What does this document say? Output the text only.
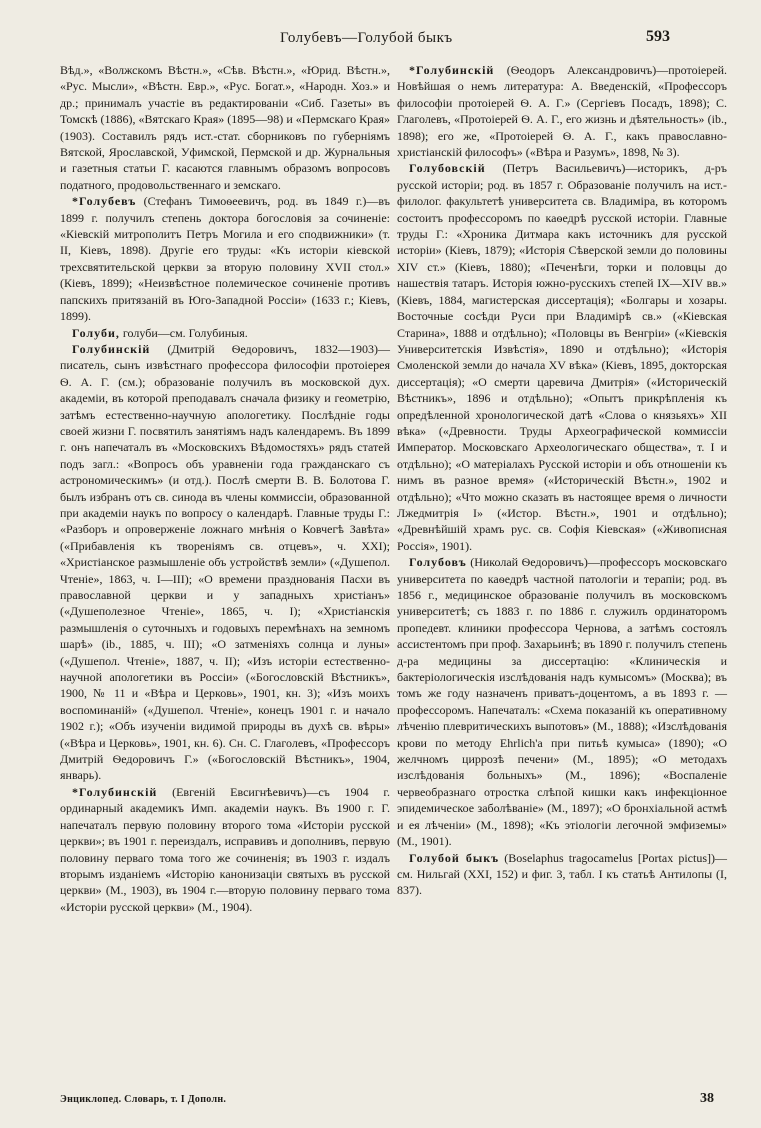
Голубевъ—Голубой быкъ	593

Вѣд.», «Волжскомъ Вѣстн.», «Сѣв. Вѣстн.», «Юрид. Вѣстн.», «Рус. Мысли», «Вѣстн. Евр.», «Рус. Богат.», «Народн. Хоз.» и др.; принималъ участіе въ редактированіи «Сиб. Газеты» въ Томскѣ (1886), «Вятскаго Края» (1895—98) и «Пермскаго Края» (1903). Составилъ рядъ ист.-стат. сборниковъ по губерніямъ Вятской, Ярославской, Уфимской, Пермской и др. Журнальныя и газетныя статьи Г. касаются главнымъ образомъ вопросовъ податного, продовольственнаго и земскаго.

*Голубевъ (Стефанъ Тимоѳеевичъ, род. въ 1849 г.)—въ 1899 г. получилъ степень доктора богословія за сочиненіе: «Кіевскій митрополитъ Петръ Могила и его сподвижники» (т. II, Кіевъ, 1898). Другіе его труды: «Къ исторіи кіевской трехсвятительской церкви за вторую половину XVII стол.» (Кіевъ, 1899); «Неизвѣстное полемическое сочиненіе противъ папскихъ притязаній въ Юго-Западной Россіи» (1633 г.; Кіевъ, 1899).

Голуби, голуби—см. Голубиныя.

Голубинскій (Дмитрій Ѳедоровичъ, 1832—1903)—писатель, сынъ извѣстнаго профессора философіи протоіерея Ѳ. А. Г. (см.); образованіе получилъ въ московской дух. академіи, въ которой преподавалъ сначала физику и геометрію, затѣмъ естественно-научную апологетику. Послѣдніе годы своей жизни Г. посвятилъ занятіямъ надъ календаремъ. Въ 1899 г. онъ напечаталъ въ «Московскихъ Вѣдомостяхъ» рядъ статей подъ загл.: «Вопросъ объ уравненіи года гражданскаго съ астрономическимъ» (и отд.). Послѣ смерти В. В. Болотова Г. былъ избранъ отъ св. синода въ члены коммиссіи, образованной при академіи наукъ по вопросу о календарѣ. Главные труды Г.: «Разборъ и опроверженіе ложнаго мнѣнія о Ковчегѣ Завѣта» («Прибавленія къ твореніямъ св. отцевъ», ч. XXI); «Христіанское размышленіе объ устройствѣ земли» («Душепол. Чтеніе», 1863, ч. I—III); «О времени празднованія Пасхи въ православной церкви и у западныхъ христіанъ» («Душеполезное Чтеніе», 1865, ч. I); «Христіанскія размышленія о суточныхъ и годовыхъ перемѣнахъ на земномъ шарѣ» (ib., 1885, ч. III); «О затменіяхъ солнца и луны» («Душепол. Чтеніе», 1887, ч. II); «Изъ исторіи естественно-научной апологетики въ Россіи» («Богословскій Вѣстникъ», 1900, № 11 и «Вѣра и Церковь», 1901, кн. 3); «Изъ моихъ воспоминаній» («Душепол. Чтеніе», конецъ 1901 г. и начало 1902 г.); «Объ изученіи видимой природы въ духѣ св. вѣры» («Вѣра и Церковь», 1901, кн. 6). Сн. С. Глаголевъ, «Профессоръ Дмитрій Ѳедоровичъ Г.» («Богословскій Вѣстникъ», 1904, январь).

*Голубинскій (Евгеній Евсигнѣевичъ)—съ 1904 г. ординарный академикъ Имп. академіи наукъ. Въ 1900 г. Г. напечаталъ первую половину второго тома «Исторіи русской церкви»; въ 1901 г. переиздалъ, исправивъ и дополнивъ, первую половину перваго тома того же сочиненія; въ 1903 г. издалъ вторымъ изданіемъ «Исторію канонизаціи святыхъ въ русской церкви» (М., 1903), въ 1904 г.—вторую половину перваго тома «Исторіи русской церкви» (М., 1904).

*Голубинскій (Ѳеодоръ Александровичъ)—протоіерей. Новѣйшая о немъ литература: А. Введенскій, «Профессоръ философіи протоіерей Ѳ. А. Г.» (Сергіевъ Посадъ, 1898); С. Глаголевъ, «Протоіерей Ѳ. А. Г., его жизнь и дѣятельность» (ib., 1898); его же, «Протоіерей Ѳ. А. Г., какъ православно-христіанскій философъ» («Вѣра и Разумъ», 1898, № 3).

Голубовскій (Петръ Васильевичъ)—историкъ, д-ръ русской исторіи; род. въ 1857 г. Образованіе получилъ на ист.-филолог. факультетѣ университета св. Владиміра, въ которомъ состоитъ профессоромъ по каѳедрѣ русской исторіи. Главные труды Г.: «Хроника Дитмара какъ источникъ для русской исторіи» (Кіевъ, 1879); «Исторія Сѣверской земли до половины XIV ст.» (Кіевъ, 1880); «Печенѣги, торки и половцы до нашествія татаръ. Исторія южно-русскихъ степей IX—XIV вв.» (Кіевъ, 1884, магистерская диссертація); «Болгары и хозары. Восточные сосѣди Руси при Владимірѣ св.» («Кіевская Старина», 1888 и отдѣльно); «Половцы въ Венгріи» («Кіевскія Университетскія Извѣстія», 1890 и отдѣльно); «Исторія Смоленской земли до начала XV вѣка» (Кіевъ, 1895, докторская диссертація); «О смерти царевича Дмитрія» («Историческій Вѣстникъ», 1896 и отдѣльно); «Опытъ прикрѣпленія къ опредѣленной хронологической датѣ «Слова о князьяхъ» XII вѣка» («Древности. Труды Археографической коммиссіи Император. Московскаго Археологическаго общества», т. I и отдѣльно); «О матеріалахъ Русской исторіи и объ отношеніи къ нимъ въ разное время» («Историческій Вѣстн.», 1902 и отдѣльно); «Что можно сказать въ настоящее время о личности Лжедмитрія I» («Истор. Вѣстн.», 1901 и отдѣльно); «Древнѣйшій храмъ рус. св. Софія Кіевская» («Живописная Россія», 1901).

Голубовъ (Николай Ѳедоровичъ)—профессоръ московскаго университета по каѳедрѣ частной патологіи и терапіи; род. въ 1856 г., медицинское образованіе получилъ въ московскомъ университетѣ; съ 1883 г. по 1886 г. служилъ ординаторомъ пропедевт. клиники профессора Чернова, а затѣмъ состоялъ ассистентомъ при проф. Захарьинѣ; въ 1890 г. получилъ степень д-ра медицины за диссертацію: «Клиническія и бактеріологическія изслѣдованія надъ кумысомъ» (Москва); въ томъ же году назначенъ приватъ-доцентомъ, а въ 1893 г. — профессоромъ. Напечаталъ: «Схема показаній къ оперативному лѣченію плевритическихъ выпотовъ» (М., 1888); «Изслѣдованія крови по методу Ehrlich'a при питьѣ кумыса» (1890); «О желчномъ циррозѣ печени» (М., 1895); «О методахъ изслѣдованія больныхъ» (М., 1896); «Воспаленіе червеобразнаго отростка слѣпой кишки какъ инфекціонное эпидемическое заболѣваніе» (М., 1897); «О бронхіальной астмѣ и ея лѣченіи» (М., 1898); «Къ этіологіи легочной эмфиземы» (М., 1901).

Голубой быкъ (Boselaphus tragocamelus [Portax pictus])—см. Нильгай (XXI, 152) и фиг. 3, табл. I къ статьѣ Антилопы (I, 837).

Энциклопед. Словарь, т. I Дополн.	38
